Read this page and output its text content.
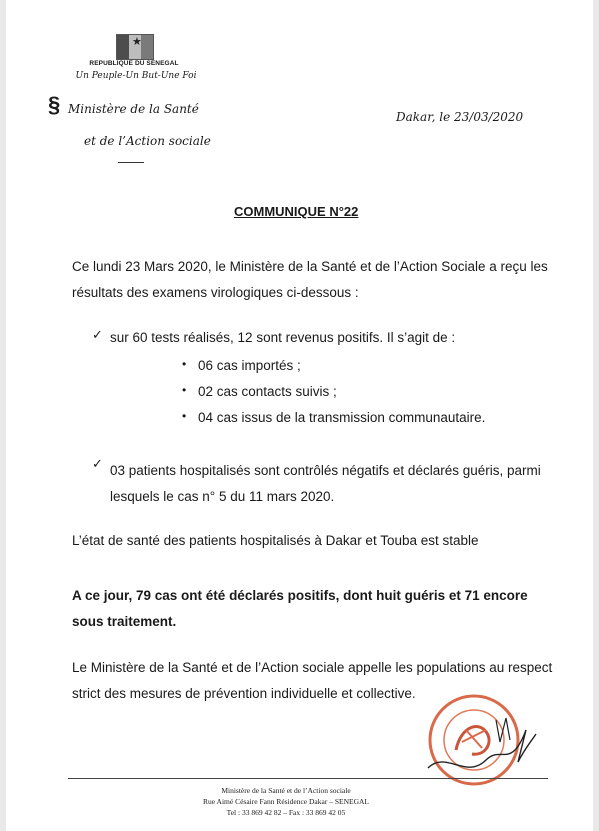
★
REPUBLIQUE DU SENEGAL
Un Peuple-Un But-Une Foi
§ Ministère de la Santé
et de l’Action sociale
Dakar, le 23/03/2020
COMMUNIQUE N°22

Ce lundi 23 Mars 2020, le Ministère de la Santé et de l’Action Sociale a reçu les résultats des examens virologiques ci-dessous :

✓ sur 60 tests réalisés, 12 sont revenus positifs. Il s’agit de :
• 06 cas importés ;
• 02 cas contacts suivis ;
• 04 cas issus de la transmission communautaire.
✓ 03 patients hospitalisés sont contrôlés négatifs et déclarés guéris, parmi lesquels le cas n° 5 du 11 mars 2020.
L’état de santé des patients hospitalisés à Dakar et Touba est stable
A ce jour, 79 cas ont été déclarés positifs, dont huit guéris et 71 encore sous traitement.
Le Ministère de la Santé et de l’Action sociale appelle les populations au respect strict des mesures de prévention individuelle et collective.
Ministère de la Santé et de l’Action sociale
Rue Aimé Césaire Fann Résidence Dakar – SENEGAL
Tel : 33 869 42 82 – Fax : 33 869 42 05
